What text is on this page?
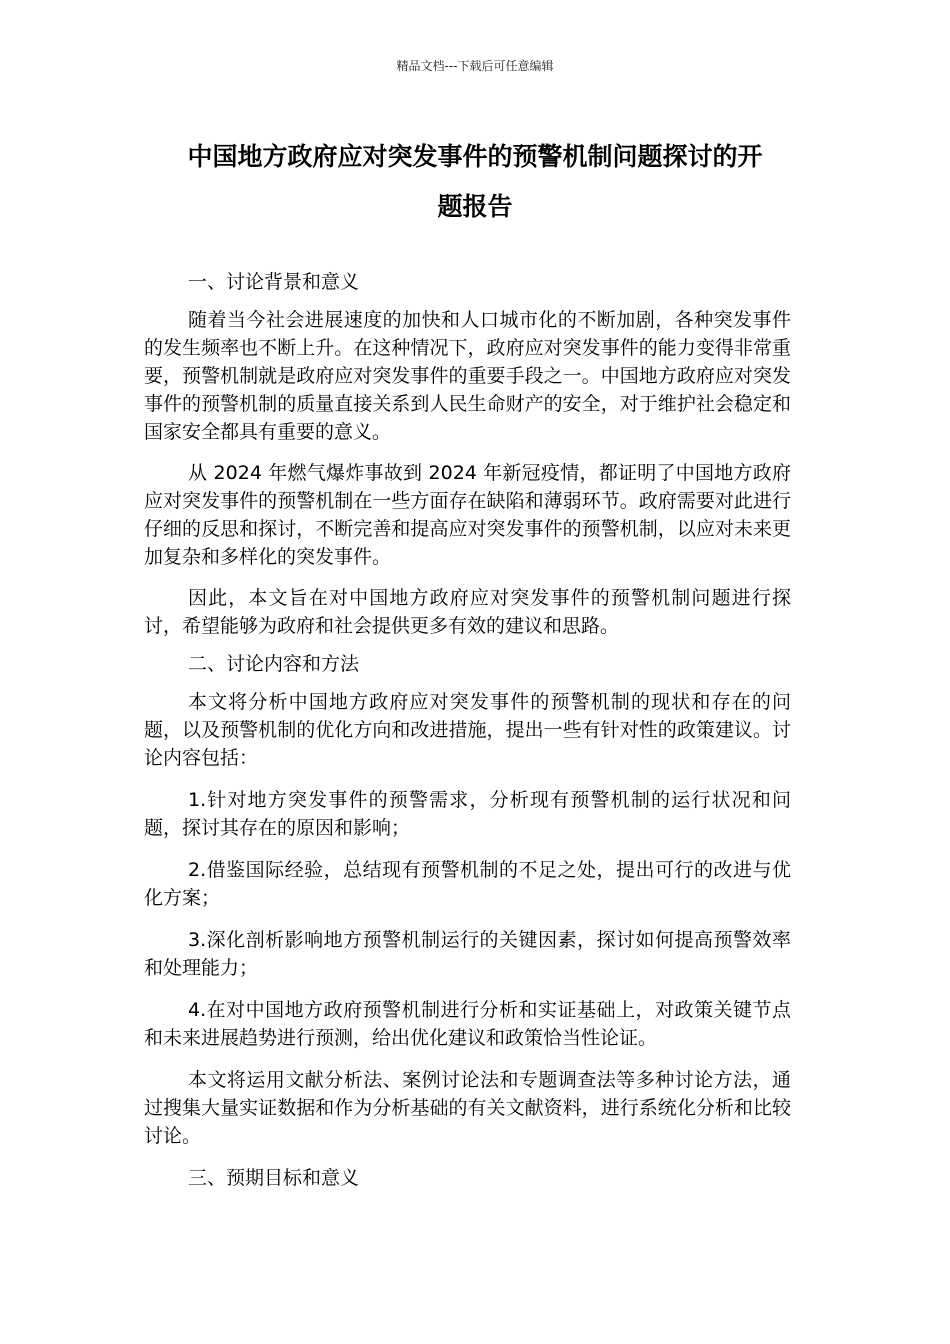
精品文档---下载后可任意编辑
中国地方政府应对突发事件的预警机制问题探讨的开
题报告

一、讨论背景和意义

随着当今社会进展速度的加快和人口城市化的不断加剧，各种突发事件的发生频率也不断上升。在这种情况下，政府应对突发事件的能力变得非常重要，预警机制就是政府应对突发事件的重要手段之一。中国地方政府应对突发事件的预警机制的质量直接关系到人民生命财产的安全，对于维护社会稳定和国家安全都具有重要的意义。

从 2024 年燃气爆炸事故到 2024 年新冠疫情，都证明了中国地方政府应对突发事件的预警机制在一些方面存在缺陷和薄弱环节。政府需要对此进行仔细的反思和探讨，不断完善和提高应对突发事件的预警机制，以应对未来更加复杂和多样化的突发事件。

因此，本文旨在对中国地方政府应对突发事件的预警机制问题进行探讨，希望能够为政府和社会提供更多有效的建议和思路。

二、讨论内容和方法

本文将分析中国地方政府应对突发事件的预警机制的现状和存在的问题，以及预警机制的优化方向和改进措施，提出一些有针对性的政策建议。讨论内容包括：

1.针对地方突发事件的预警需求，分析现有预警机制的运行状况和问题，探讨其存在的原因和影响；

2.借鉴国际经验，总结现有预警机制的不足之处，提出可行的改进与优化方案；

3.深化剖析影响地方预警机制运行的关键因素，探讨如何提高预警效率和处理能力；

4.在对中国地方政府预警机制进行分析和实证基础上，对政策关键节点和未来进展趋势进行预测，给出优化建议和政策恰当性论证。

本文将运用文献分析法、案例讨论法和专题调查法等多种讨论方法，通过搜集大量实证数据和作为分析基础的有关文献资料，进行系统化分析和比较讨论。

三、预期目标和意义
